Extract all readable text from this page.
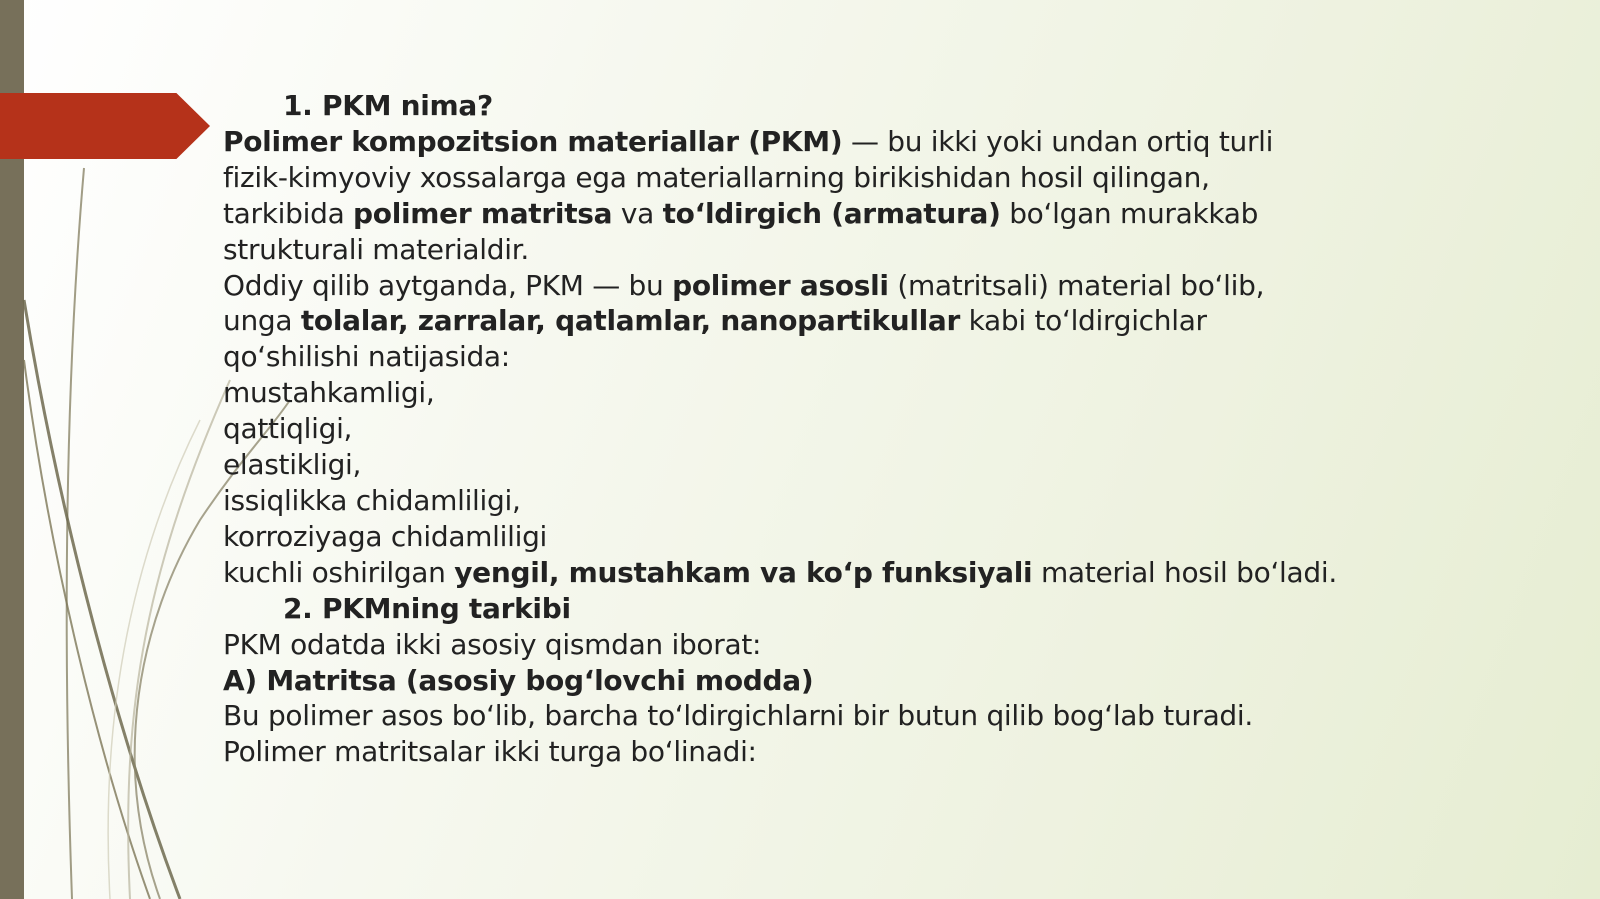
1. PKM nima?
Polimer kompozitsion materiallar (PKM) — bu ikki yoki undan ortiq turli
fizik-kimyoviy xossalarga ega materiallarning birikishidan hosil qilingan,
tarkibida polimer matritsa va toʻldirgich (armatura) boʻlgan murakkab
strukturali materialdir.
Oddiy qilib aytganda, PKM — bu polimer asosli (matritsali) material boʻlib,
unga tolalar, zarralar, qatlamlar, nanopartikullar kabi toʻldirgichlar
qoʻshilishi natijasida:
mustahkamligi,
qattiqligi,
elastikligi,
issiqlikka chidamliligi,
korroziyaga chidamliligi
kuchli oshirilgan yengil, mustahkam va koʻp funksiyali material hosil boʻladi.
2. PKMning tarkibi
PKM odatda ikki asosiy qismdan iborat:
A) Matritsa (asosiy bogʻlovchi modda)
Bu polimer asos boʻlib, barcha toʻldirgichlarni bir butun qilib bogʻlab turadi.
Polimer matritsalar ikki turga boʻlinadi:
